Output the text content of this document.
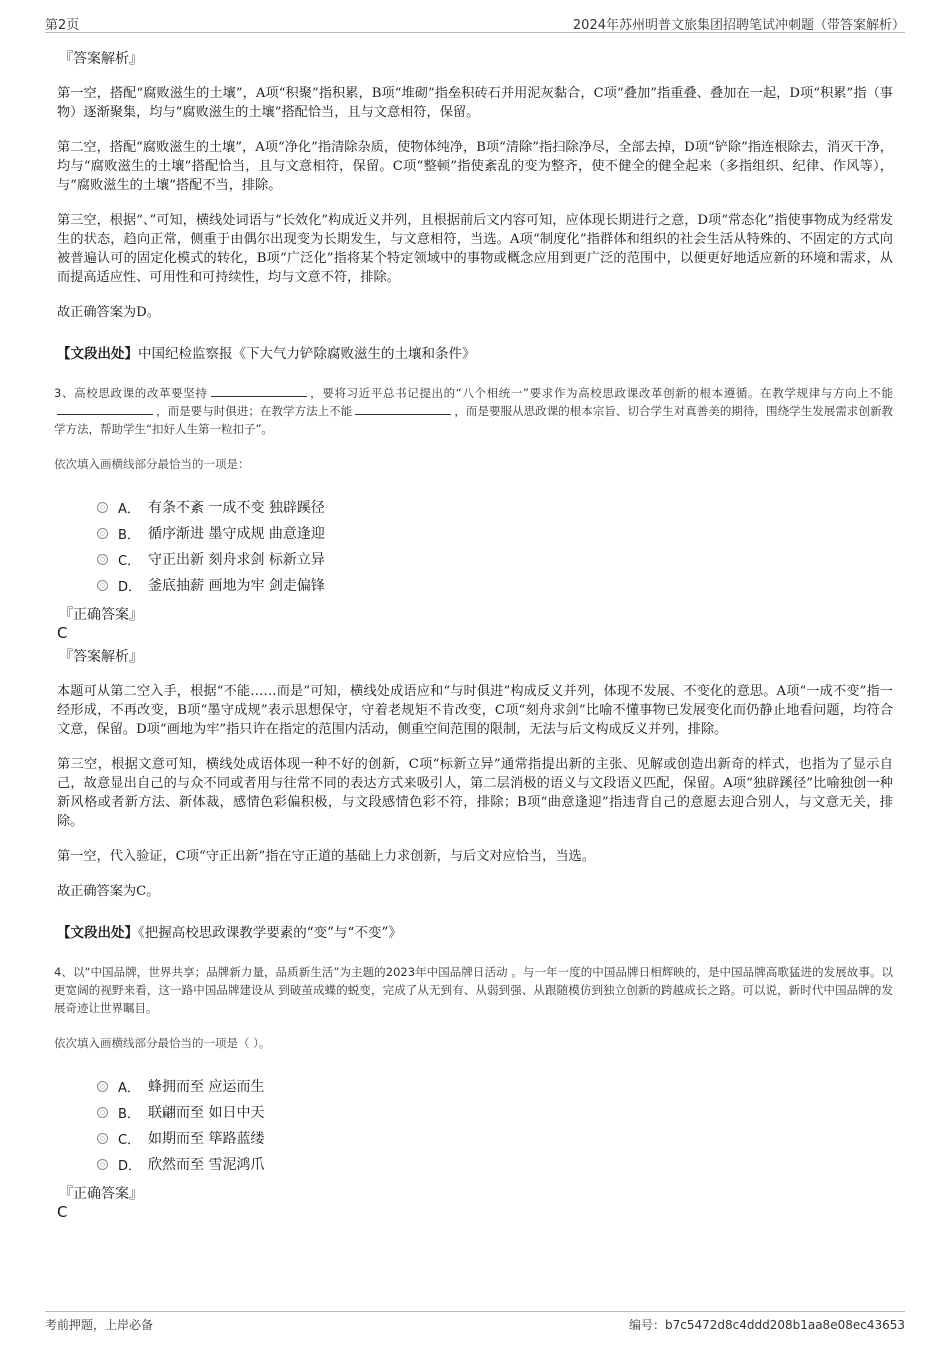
第2页	2024年苏州明普文旅集团招聘笔试冲刺题（带答案解析）
『答案解析』

第一空，搭配“腐败滋生的土壤”，A项“积聚”指积累，B项“堆砌”指垒积砖石并用泥灰黏合，C项“叠加”指重叠、叠加在一起，D项“积累”指（事物）逐渐聚集，均与“腐败滋生的土壤”搭配恰当，且与文意相符，保留。

第二空，搭配“腐败滋生的土壤”，A项“净化”指清除杂质，使物体纯净，B项“清除”指扫除净尽，全部去掉，D项“铲除”指连根除去，消灭干净，均与“腐败滋生的土壤”搭配恰当，且与文意相符，保留。C项“整顿”指使紊乱的变为整齐，使不健全的健全起来（多指组织、纪律、作风等），与“腐败滋生的土壤”搭配不当，排除。

第三空，根据“、”可知，横线处词语与“长效化”构成近义并列，且根据前后文内容可知，应体现长期进行之意，D项“常态化”指使事物成为经常发生的状态，趋向正常，侧重于由偶尔出现变为长期发生，与文意相符，当选。A项“制度化”指群体和组织的社会生活从特殊的、不固定的方式向被普遍认可的固定化模式的转化，B项“广泛化”指将某个特定领域中的事物或概念应用到更广泛的范围中，以便更好地适应新的环境和需求，从而提高适应性、可用性和可持续性，均与文意不符，排除。

故正确答案为D。

【文段出处】中国纪检监察报《下大气力铲除腐败滋生的土壤和条件》
3、高校思政课的改革要坚持	，要将习近平总书记提出的“八个相统一”要求作为高校思政课改革创新的根本遵循。在教学规律与方向上不能，而是要与时俱进；在教学方法上不能	，而是要服从思政课的根本宗旨、切合学生对真善美的期待，围绕学生发展需求创新教学方法，帮助学生“扣好人生第一粒扣子”。
依次填入画横线部分最恰当的一项是：
A． 有条不紊 一成不变 独辟蹊径
B． 循序渐进 墨守成规 曲意逢迎
C． 守正出新 刻舟求剑 标新立异
D． 釜底抽薪 画地为牢 剑走偏锋
『正确答案』
C
『答案解析』

本题可从第二空入手，根据“不能……而是”可知，横线处成语应和“与时俱进”构成反义并列，体现不发展、不变化的意思。A项“一成不变”指一经形成，不再改变，B项“墨守成规”表示思想保守，守着老规矩不肯改变，C项“刻舟求剑”比喻不懂事物已发展变化而仍静止地看问题，均符合文意，保留。D项“画地为牢”指只许在指定的范围内活动，侧重空间范围的限制，无法与后文构成反义并列，排除。

第三空，根据文意可知，横线处成语体现一种不好的创新，C项“标新立异”通常指提出新的主张、见解或创造出新奇的样式，也指为了显示自己，故意显出自己的与众不同或者用与往常不同的表达方式来吸引人，第二层消极的语义与文段语义匹配，保留。A项“独辟蹊径”比喻独创一种新风格或者新方法、新体裁，感情色彩偏积极，与文段感情色彩不符，排除；B项“曲意逢迎”指违背自己的意愿去迎合别人，与文意无关，排除。

第一空，代入验证，C项“守正出新”指在守正道的基础上力求创新，与后文对应恰当，当选。

故正确答案为C。

【文段出处】《把握高校思政课教学要素的“变”与“不变”》
4、以“中国品牌，世界共享；品牌新力量，品质新生活”为主题的2023年中国品牌日活动 。与一年一度的中国品牌日相辉映的，是中国品牌高歌猛进的发展故事。以更宽阔的视野来看，这一路中国品牌建设从 到破茧成蝶的蜕变，完成了从无到有、从弱到强、从跟随模仿到独立创新的跨越成长之路。可以说，新时代中国品牌的发展奇迹让世界瞩目。
依次填入画横线部分最恰当的一项是（ ）。
A． 蜂拥而至 应运而生
B． 联翩而至 如日中天
C． 如期而至 筚路蓝缕
D． 欣然而至 雪泥鸿爪
『正确答案』
C
考前押题，上岸必备	编号：b7c5472d8c4ddd208b1aa8e08ec43653
